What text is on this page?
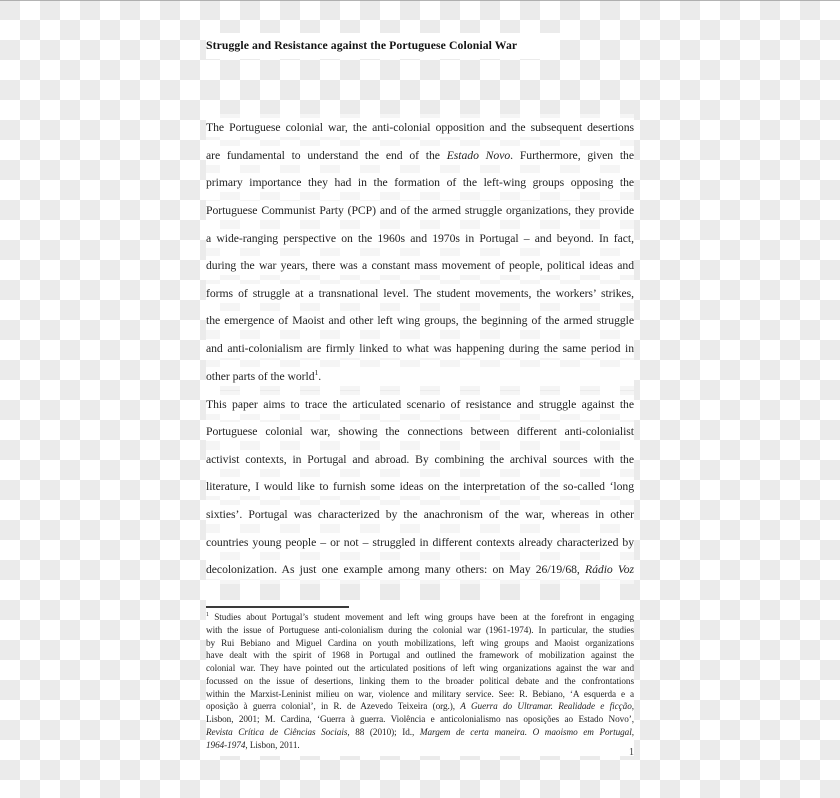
Struggle and Resistance against the Portuguese Colonial War
The Portuguese colonial war, the anti-colonial opposition and the subsequent desertions
are fundamental to understand the end of the Estado Novo. Furthermore, given the
primary importance they had in the formation of the left-wing groups opposing the
Portuguese Communist Party (PCP) and of the armed struggle organizations, they provide
a wide-ranging perspective on the 1960s and 1970s in Portugal – and beyond. In fact,
during the war years, there was a constant mass movement of people, political ideas and
forms of struggle at a transnational level. The student movements, the workers’ strikes,
the emergence of Maoist and other left wing groups, the beginning of the armed struggle
and anti-colonialism are firmly linked to what was happening during the same period in
other parts of the world$^1$.
This paper aims to trace the articulated scenario of resistance and struggle against the
Portuguese colonial war, showing the connections between different anti-colonialist
activist contexts, in Portugal and abroad. By combining the archival sources with the
literature, I would like to furnish some ideas on the interpretation of the so-called ‘long
sixties’. Portugal was characterized by the anachronism of the war, whereas in other
countries young people – or not – struggled in different contexts already characterized by
decolonization. As just one example among many others: on May 26/19/68, Rádio Voz
$^1$ Studies about Portugal’s student movement and left wing groups have been at the forefront in engaging
with the issue of Portuguese anti-colonialism during the colonial war (1961-1974). In particular, the studies
by Rui Bebiano and Miguel Cardina on youth mobilizations, left wing groups and Maoist organizations
have dealt with the spirit of 1968 in Portugal and outlined the framework of mobilization against the
colonial war. They have pointed out the articulated positions of left wing organizations against the war and
focussed on the issue of desertions, linking them to the broader political debate and the confrontations
within the Marxist-Leninist milieu on war, violence and military service. See: R. Bebiano, ‘A esquerda e a
oposição à guerra colonial’, in R. de Azevedo Teixeira (org.), A Guerra do Ultramar. Realidade e ficção,
Lisbon, 2001; M. Cardina, ‘Guerra à guerra. Violência e anticolonialismo nas oposições ao Estado Novo’,
Revista Crítica de Ciências Sociais, 88 (2010); Id., Margem de certa maneira. O maoismo em Portugal,
1964-1974, Lisbon, 2011.
1
